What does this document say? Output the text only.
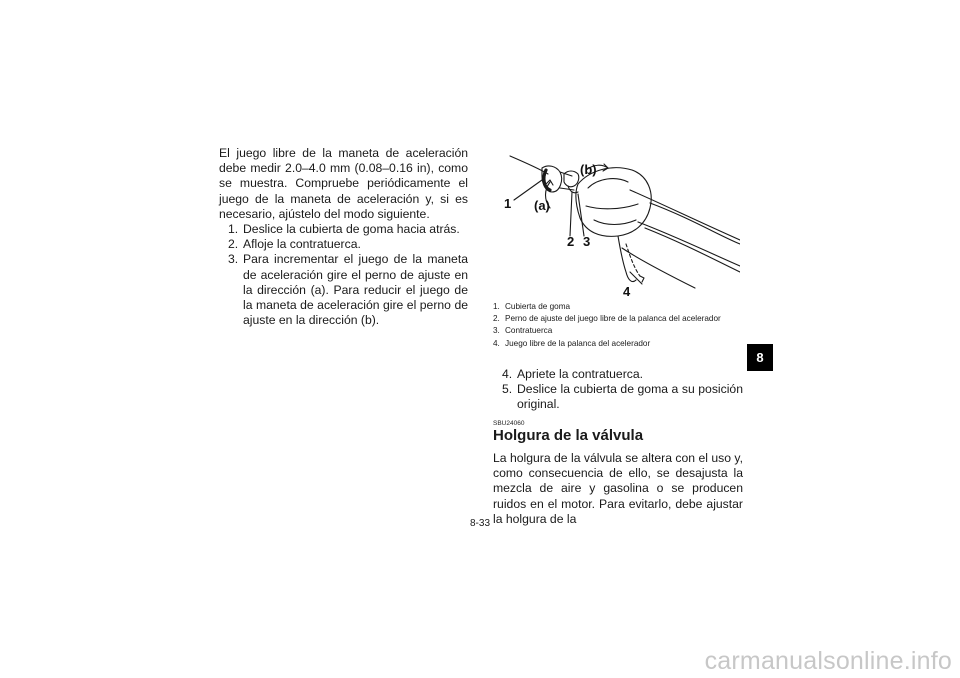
El juego libre de la maneta de aceleración debe medir 2.0–4.0 mm (0.08–0.16 in), como se muestra. Compruebe periódicamente el juego de la maneta de aceleración y, si es necesario, ajústelo del modo siguiente.

1. Deslice la cubierta de goma hacia atrás.
2. Afloje la contratuerca.
3. Para incrementar el juego de la maneta de aceleración gire el perno de ajuste en la dirección (a). Para reducir el juego de la maneta de aceleración gire el perno de ajuste en la dirección (b).
1 (a)
(b)
2 3
4
1. Cubierta de goma
2. Perno de ajuste del juego libre de la palanca del acelerador
3. Contratuerca
4. Juego libre de la palanca del acelerador
4. Apriete la contratuerca.
5. Deslice la cubierta de goma a su posición original.
SBU24060
Holgura de la válvula

La holgura de la válvula se altera con el uso y, como consecuencia de ello, se desajusta la mezcla de aire y gasolina o se producen ruidos en el motor. Para evitarlo, debe ajustar la holgura de la

8
8-33
carmanualsonline.info
